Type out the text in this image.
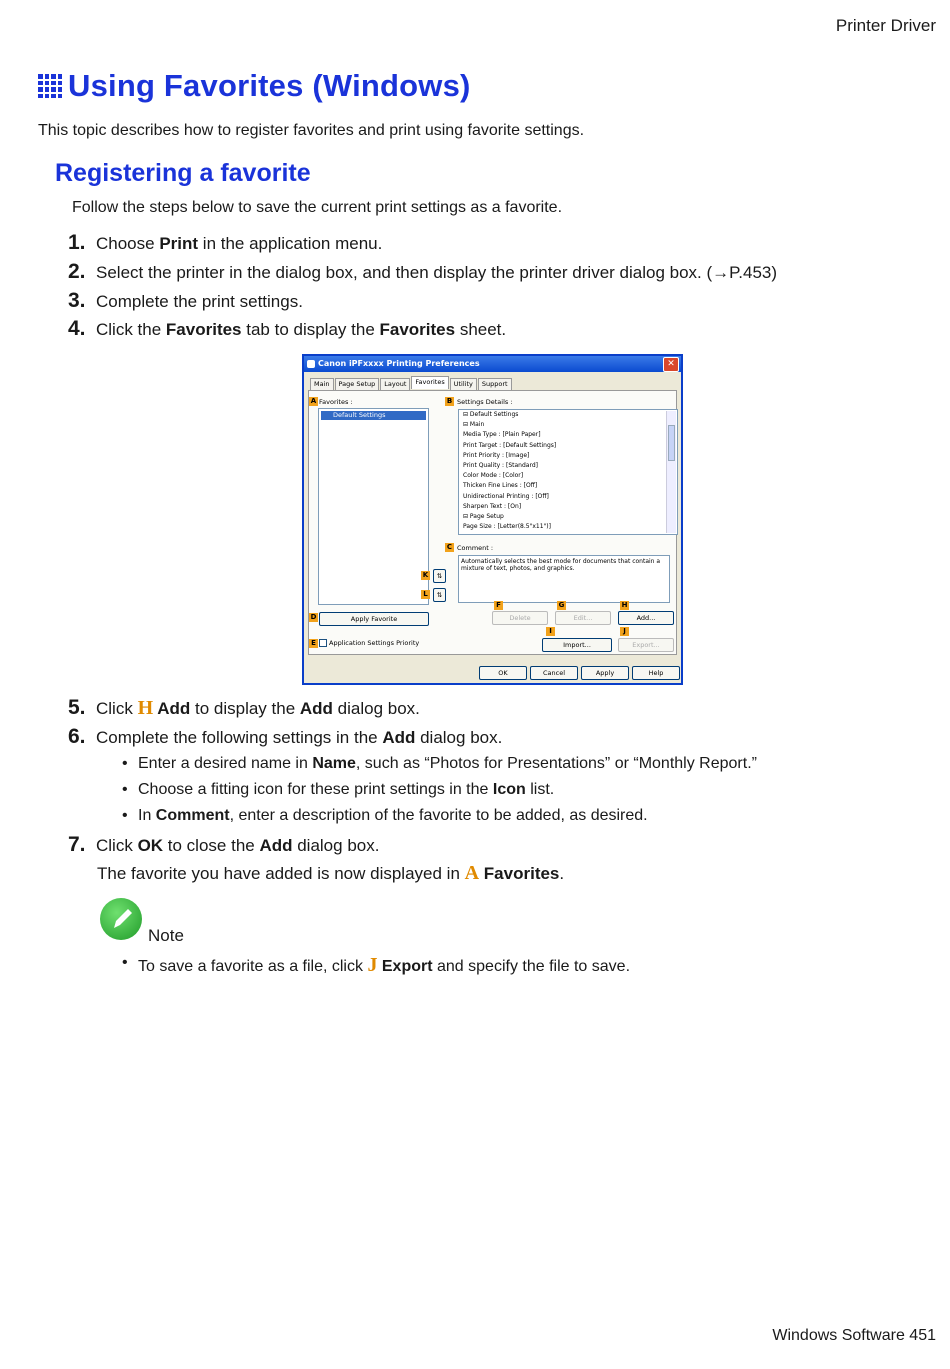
Printer Driver
Using Favorites (Windows)
This topic describes how to register favorites and print using favorite settings.
Registering a favorite
Follow the steps below to save the current print settings as a favorite.
1. Choose Print in the application menu.
2. Select the printer in the dialog box, and then display the printer driver dialog box. (→P.453)
3. Complete the print settings.
4. Click the Favorites tab to display the Favorites sheet.
Canon iPFxxxx Printing Preferences	✕
Main	Page Setup	Layout	Favorites	Utility	Support
A Favorites :
Default Settings
K	⇅
L	⇅
B Settings Details :
⊟ Default Settings
⊟ Main
Media Type : [Plain Paper]
Print Target : [Default Settings]
Print Priority : [Image]
Print Quality : [Standard]
Color Mode : [Color]
Thicken Fine Lines : [Off]
Unidirectional Printing : [Off]
Sharpen Text : [On]
⊟ Page Setup
Page Size : [Letter(8.5"x11")]
C Comment :
Automatically selects the best mode for documents that contain a mixture of text, photos, and graphics.
F	G	H
Delete	Edit...	Add...
D	Apply Favorite
I	J
Import...	Export...
E	Application Settings Priority
OK	Cancel	Apply	Help
5. Click H Add to display the Add dialog box.
6. Complete the following settings in the Add dialog box.
• Enter a desired name in Name, such as “Photos for Presentations” or “Monthly Report.”
• Choose a fitting icon for these print settings in the Icon list.
• In Comment, enter a description of the favorite to be added, as desired.
7. Click OK to close the Add dialog box.
The favorite you have added is now displayed in A Favorites.
Note
• To save a favorite as a file, click J Export and specify the file to save.
Windows Software 451
